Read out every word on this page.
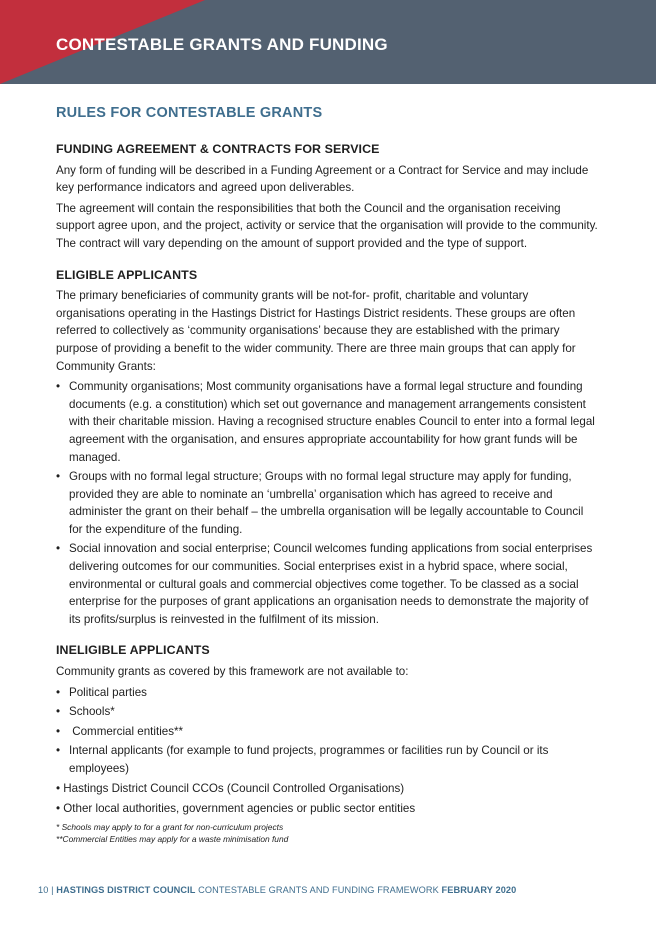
CONTESTABLE GRANTS AND FUNDING
RULES FOR CONTESTABLE GRANTS
FUNDING AGREEMENT & CONTRACTS FOR SERVICE

Any form of funding will be described in a Funding Agreement or a Contract for Service and may include key performance indicators and agreed upon deliverables.

The agreement will contain the responsibilities that both the Council and the organisation receiving support agree upon, and the project, activity or service that the organisation will provide to the community. The contract will vary depending on the amount of support provided and the type of support.

ELIGIBLE APPLICANTS

The primary beneficiaries of community grants will be not-for- profit, charitable and voluntary organisations operating in the Hastings District for Hastings District residents. These groups are often referred to collectively as ‘community organisations’ because they are established with the primary purpose of providing a benefit to the wider community. There are three main groups that can apply for Community Grants:

• Community organisations; Most community organisations have a formal legal structure and founding documents (e.g. a constitution) which set out governance and management arrangements consistent with their charitable mission. Having a recognised structure enables Council to enter into a formal legal agreement with the organisation, and ensures appropriate accountability for how grant funds will be managed.
• Groups with no formal legal structure; Groups with no formal legal structure may apply for funding, provided they are able to nominate an ‘umbrella’ organisation which has agreed to receive and administer the grant on their behalf – the umbrella organisation will be legally accountable to Council for the expenditure of the funding.
• Social innovation and social enterprise; Council welcomes funding applications from social enterprises delivering outcomes for our communities. Social enterprises exist in a hybrid space, where social, environmental or cultural goals and commercial objectives come together. To be classed as a social enterprise for the purposes of grant applications an organisation needs to demonstrate the majority of its profits/surplus is reinvested in the fulfilment of its mission.
INELIGIBLE APPLICANTS

Community grants as covered by this framework are not available to:

• Political parties
• Schools*
• Commercial entities**
• Internal applicants (for example to fund projects, programmes or facilities run by Council or its employees)

• Hastings District Council CCOs (Council Controlled Organisations)

• Other local authorities, government agencies or public sector entities

* Schools may apply to for a grant for non-curriculum projects
**Commercial Entities may apply for a waste minimisation fund
10 | HASTINGS DISTRICT COUNCIL CONTESTABLE GRANTS AND FUNDING FRAMEWORK FEBRUARY 2020
